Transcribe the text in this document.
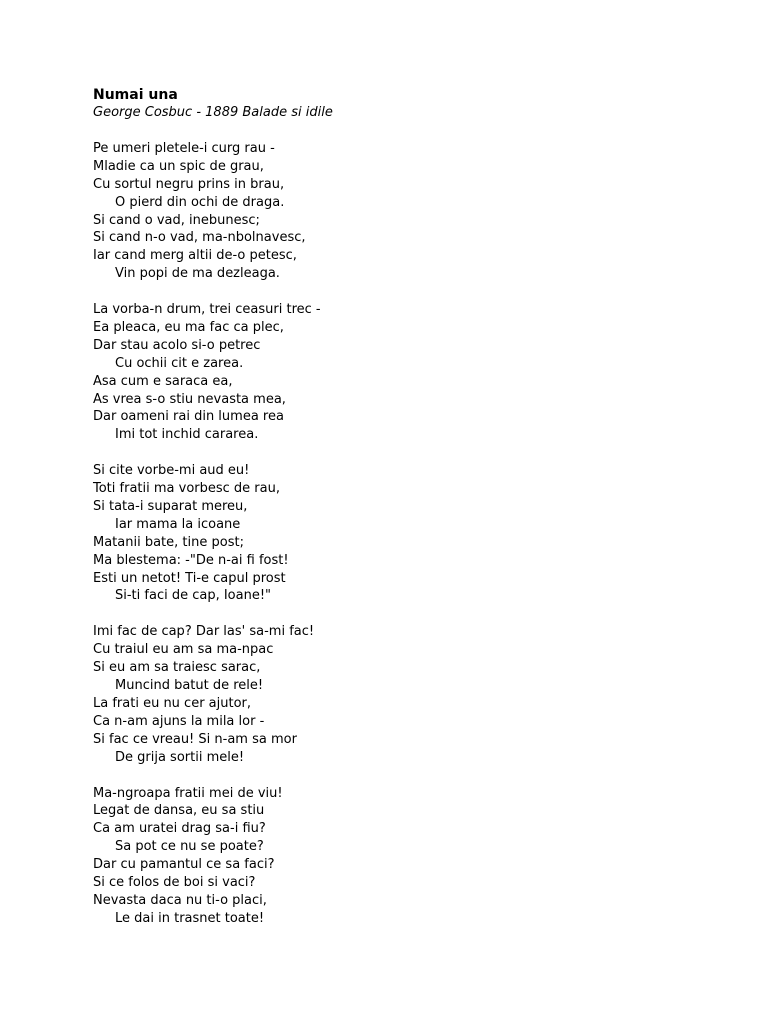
Numai una
George Cosbuc - 1889 Balade si idile
Pe umeri pletele-i curg rau -
Mladie ca un spic de grau,
Cu sortul negru prins in brau,
O pierd din ochi de draga.
Si cand o vad, inebunesc;
Si cand n-o vad, ma-nbolnavesc,
Iar cand merg altii de-o petesc,
Vin popi de ma dezleaga.
La vorba-n drum, trei ceasuri trec -
Ea pleaca, eu ma fac ca plec,
Dar stau acolo si-o petrec
Cu ochii cit e zarea.
Asa cum e saraca ea,
As vrea s-o stiu nevasta mea,
Dar oameni rai din lumea rea
Imi tot inchid cararea.
Si cite vorbe-mi aud eu!
Toti fratii ma vorbesc de rau,
Si tata-i suparat mereu,
Iar mama la icoane
Matanii bate, tine post;
Ma blestema: -"De n-ai fi fost!
Esti un netot! Ti-e capul prost
Si-ti faci de cap, Ioane!"
Imi fac de cap? Dar las' sa-mi fac!
Cu traiul eu am sa ma-npac
Si eu am sa traiesc sarac,
Muncind batut de rele!
La frati eu nu cer ajutor,
Ca n-am ajuns la mila lor -
Si fac ce vreau! Si n-am sa mor
De grija sortii mele!
Ma-ngroapa fratii mei de viu!
Legat de dansa, eu sa stiu
Ca am uratei drag sa-i fiu?
Sa pot ce nu se poate?
Dar cu pamantul ce sa faci?
Si ce folos de boi si vaci?
Nevasta daca nu ti-o placi,
Le dai in trasnet toate!
